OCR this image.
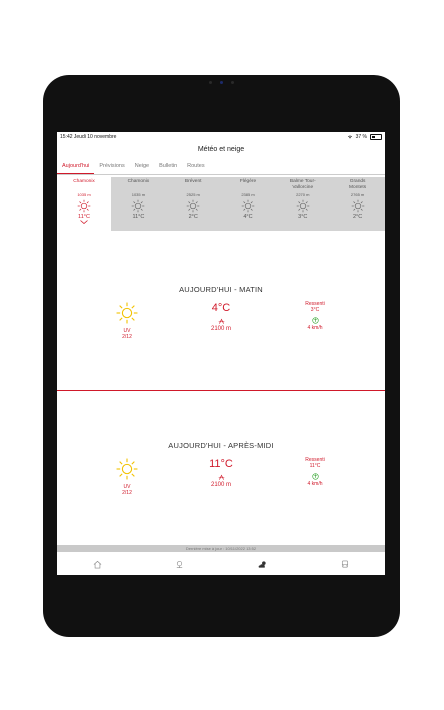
15:42 Jeudi 10 novembre	37 %
Météo et neige
Aujourd'hui	Prévisions	Neige	Bulletin	Routes
Chamonix
1035 m
11°C
Chamonix
1035 m
11°C
Brévent
2525 m
2°C
Flégère
2385 m
4°C
Balme Tour-
Vallorcine
2270 m
3°C
Grands
Montets
2765 m
2°C
AUJOURD'HUI - MATIN
UV
2/12
4°C
2100 m
Ressenti
3°C
4 km/h
AUJOURD'HUI - APRÈS-MIDI
UV
2/12
11°C
2100 m
Ressenti
11°C
4 km/h
Dernière mise à jour : 10/11/2022 13:52
